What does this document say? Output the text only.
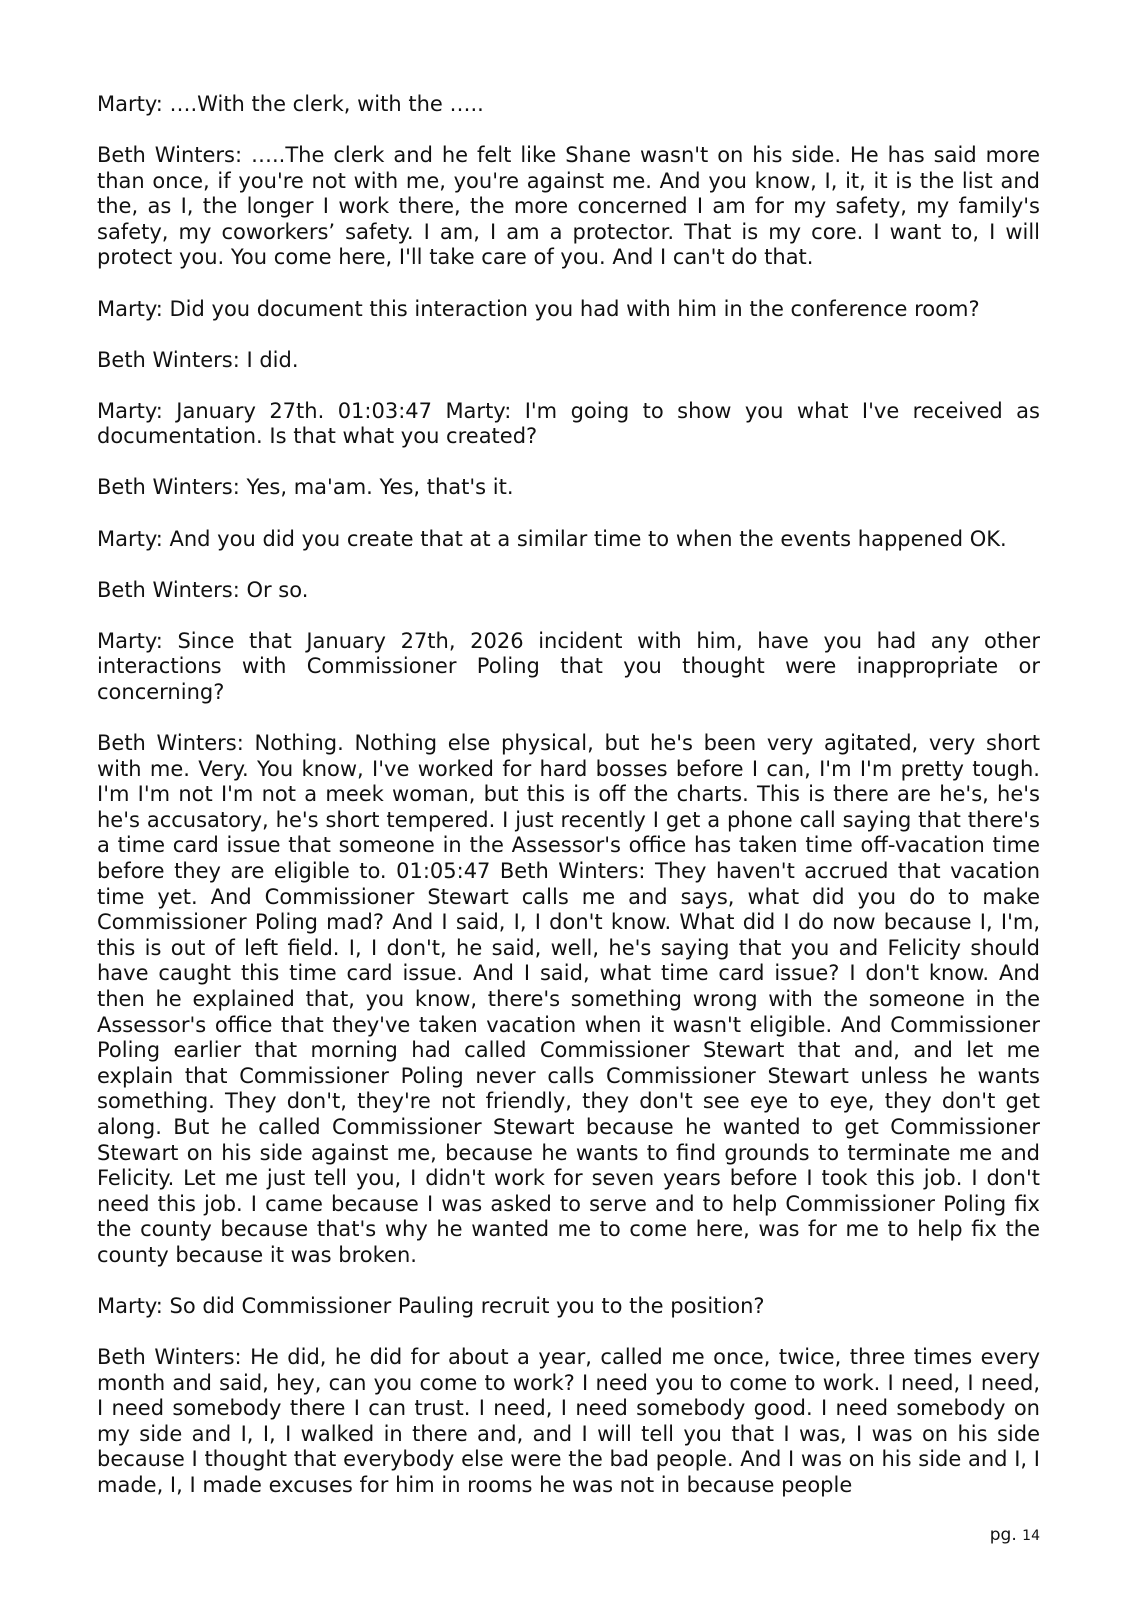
Marty: ….With the clerk, with the …..

Beth Winters: …..The clerk and he felt like Shane wasn't on his side. He has said more than once, if you're not with me, you're against me. And you know, I, it, it is the list and the, as I, the longer I work there, the more concerned I am for my safety, my family's safety, my coworkers’ safety. I am, I am a protector. That is my core. I want to, I will protect you. You come here, I'll take care of you. And I can't do that.

Marty: Did you document this interaction you had with him in the conference room?

Beth Winters: I did.

Marty: January 27th. 01:03:47 Marty: I'm going to show you what I've received as documentation. Is that what you created?

Beth Winters: Yes, ma'am. Yes, that's it.

Marty: And you did you create that at a similar time to when the events happened OK.

Beth Winters: Or so.

Marty: Since that January 27th, 2026 incident with him, have you had any other interactions with Commissioner Poling that you thought were inappropriate or concerning?

Beth Winters: Nothing. Nothing else physical, but he's been very agitated, very short with me. Very. You know, I've worked for hard bosses before I can, I'm I'm pretty tough. I'm I'm not I'm not a meek woman, but this is off the charts. This is there are he's, he's he's accusatory, he's short tempered. I just recently I get a phone call saying that there's a time card issue that someone in the Assessor's office has taken time off-vacation time before they are eligible to. 01:05:47 Beth Winters: They haven't accrued that vacation time yet. And Commissioner Stewart calls me and says, what did you do to make Commissioner Poling mad? And I said, I, I don't know. What did I do now because I, I'm, this is out of left field. I, I don't, he said, well, he's saying that you and Felicity should have caught this time card issue. And I said, what time card issue? I don't know. And then he explained that, you know, there's something wrong with the someone in the Assessor's office that they've taken vacation when it wasn't eligible. And Commissioner Poling earlier that morning had called Commissioner Stewart that and, and let me explain that Commissioner Poling never calls Commissioner Stewart unless he wants something. They don't, they're not friendly, they don't see eye to eye, they don't get along. But he called Commissioner Stewart because he wanted to get Commissioner Stewart on his side against me, because he wants to find grounds to terminate me and Felicity. Let me just tell you, I didn't work for seven years before I took this job. I don't need this job. I came because I was asked to serve and to help Commissioner Poling fix the county because that's why he wanted me to come here, was for me to help fix the county because it was broken.

Marty: So did Commissioner Pauling recruit you to the position?

Beth Winters: He did, he did for about a year, called me once, twice, three times every month and said, hey, can you come to work? I need you to come to work. I need, I need, I need somebody there I can trust. I need, I need somebody good. I need somebody on my side and I, I, I walked in there and, and I will tell you that I was, I was on his side because I thought that everybody else were the bad people. And I was on his side and I, I made, I, I made excuses for him in rooms he was not in because people

pg. 14
